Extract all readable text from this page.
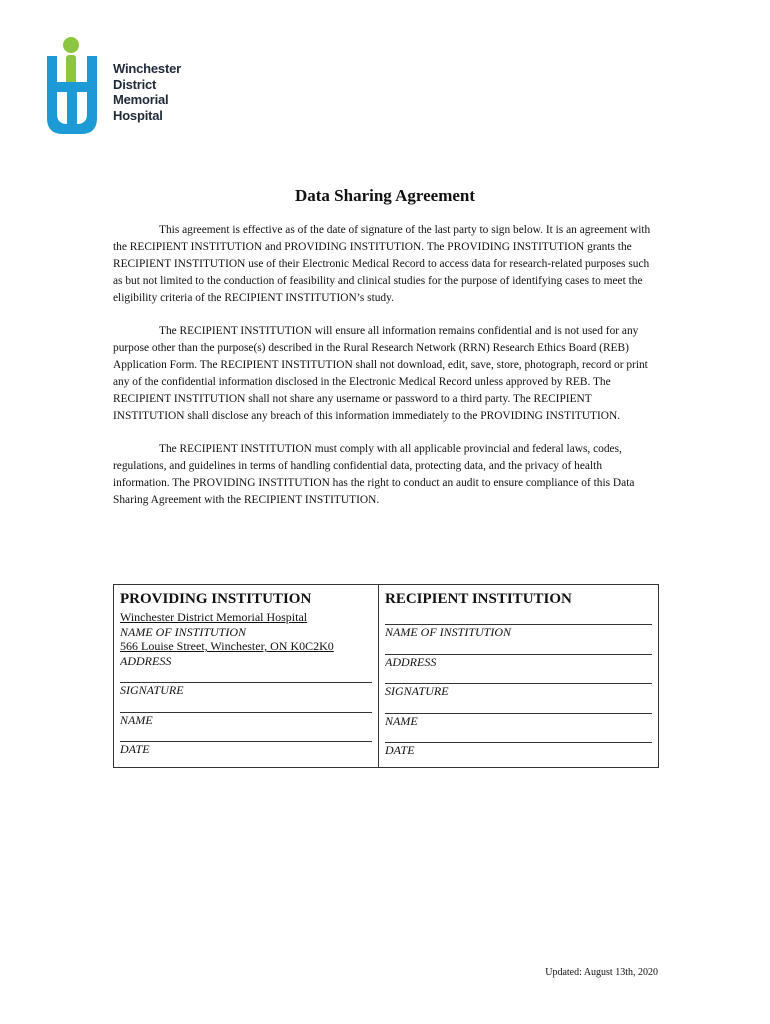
Winchester
District
Memorial
Hospital
Data Sharing Agreement

This agreement is effective as of the date of signature of the last party to sign below. It is an agreement with the RECIPIENT INSTITUTION and PROVIDING INSTITUTION. The PROVIDING INSTITUTION grants the RECIPIENT INSTITUTION use of their Electronic Medical Record to access data for research-related purposes such as but not limited to the conduction of feasibility and clinical studies for the purpose of identifying cases to meet the eligibility criteria of the RECIPIENT INSTITUTION’s study.

The RECIPIENT INSTITUTION will ensure all information remains confidential and is not used for any purpose other than the purpose(s) described in the Rural Research Network (RRN) Research Ethics Board (REB) Application Form. The RECIPIENT INSTITUTION shall not download, edit, save, store, photograph, record or print any of the confidential information disclosed in the Electronic Medical Record unless approved by REB. The RECIPIENT INSTITUTION shall not share any username or password to a third party. The RECIPIENT INSTITUTION shall disclose any breach of this information immediately to the PROVIDING INSTITUTION.

The RECIPIENT INSTITUTION must comply with all applicable provincial and federal laws, codes, regulations, and guidelines in terms of handling confidential data, protecting data, and the privacy of health information. The PROVIDING INSTITUTION has the right to conduct an audit to ensure compliance of this Data Sharing Agreement with the RECIPIENT INSTITUTION.

PROVIDING INSTITUTION
Winchester District Memorial Hospital
NAME OF INSTITUTION
566 Louise Street, Winchester, ON K0C2K0
ADDRESS
SIGNATURE
NAME
DATE

RECIPIENT INSTITUTION
NAME OF INSTITUTION
ADDRESS
SIGNATURE
NAME
DATE
Updated: August 13th, 2020
